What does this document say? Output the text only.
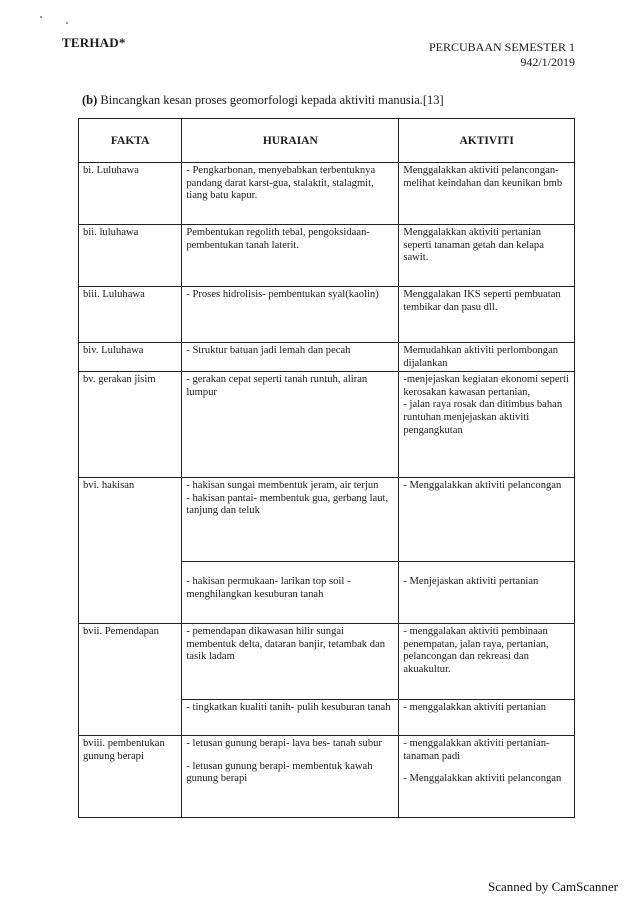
TERHAD*	PERCUBAAN SEMESTER 1
942/1/2019
(b) Bincangkan kesan proses geomorfologi kepada aktiviti manusia.[13]
FAKTA	HURAIAN	AKTIVITI
bi. Luluhawa	- Pengkarbonan, menyebabkan terbentuknya pandang darat karst-gua, stalaktit, stalagmit, tiang batu kapur.	Menggalakkan aktiviti pelancongan- melihat keindahan dan keunikan bmb
bii. luluhawa	Pembentukan regolith tebal, pengoksidaan- pembentukan tanah laterit.	Menggalakkan aktiviti pertanian seperti tanaman getah dan kelapa sawit.
biii. Luluhawa	- Proses hidrolisis- pembentukan syal(kaolin)	Menggalakan IKS seperti pembuatan tembikar dan pasu dll.
biv. Luluhawa	- Struktur batuan jadi lemah dan pecah	Memudahkan aktiviti perlombongan dijalankan
bv. gerakan jisim	- gerakan cepat seperti tanah runtuh, aliran lumpur	-menjejaskan kegiatan ekonomi seperti kerosakan kawasan pertanian,
- jalan raya rosak dan ditimbus bahan runtuhan menjejaskan aktiviti pengangkutan

bvi. hakisan	- hakisan sungai membentuk jeram, air terjun
- hakisan pantai- membentuk gua, gerbang laut, tanjung dan teluk	- Menggalakkan aktiviti pelancongan
	- hakisan permukaan- larikan top soil - menghilangkan kesuburan tanah	- Menjejaskan aktiviti pertanian
bvii. Pemendapan	- pemendapan dikawasan hilir sungai membentuk delta, dataran banjir, tetambak dan tasik ladam	- menggalakan aktiviti pembinaan penempatan, jalan raya, pertanian, pelancongan dan rekreasi dan akuakultur.
	- tingkatkan kualiti tanih- pulih kesuburan tanah	- menggalakkan aktiviti pertanian
bviii. pembentukan gunung berapi	- letusan gunung berapi- lava bes- tanah subur
- letusan gunung berapi- membentuk kawah gunung berapi	- menggalakkan aktiviti pertanian- tanaman padi
- Menggalakkan aktiviti pelancongan
Scanned by CamScanner
